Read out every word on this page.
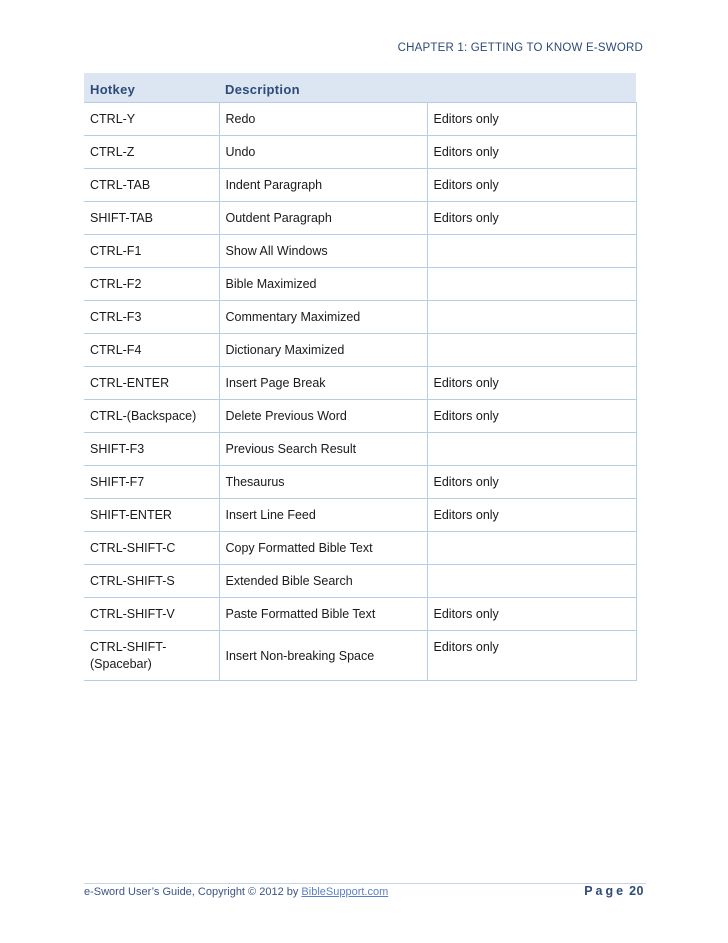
CHAPTER 1: GETTING TO KNOW E-SWORD
Hotkey	Description	
CTRL-Y	Redo	Editors only
CTRL-Z	Undo	Editors only
CTRL-TAB	Indent Paragraph	Editors only
SHIFT-TAB	Outdent Paragraph	Editors only
CTRL-F1	Show All Windows	
CTRL-F2	Bible Maximized	
CTRL-F3	Commentary Maximized	
CTRL-F4	Dictionary Maximized	
CTRL-ENTER	Insert Page Break	Editors only
CTRL-(Backspace)	Delete Previous Word	Editors only
SHIFT-F3	Previous Search Result	
SHIFT-F7	Thesaurus	Editors only
SHIFT-ENTER	Insert Line Feed	Editors only
CTRL-SHIFT-C	Copy Formatted Bible Text	
CTRL-SHIFT-S	Extended Bible Search	
CTRL-SHIFT-V	Paste Formatted Bible Text	Editors only
CTRL-SHIFT-
(Spacebar)	Insert Non-breaking Space	Editors only
e-Sword User’s Guide, Copyright © 2012 by BibleSupport.com	Page 20
